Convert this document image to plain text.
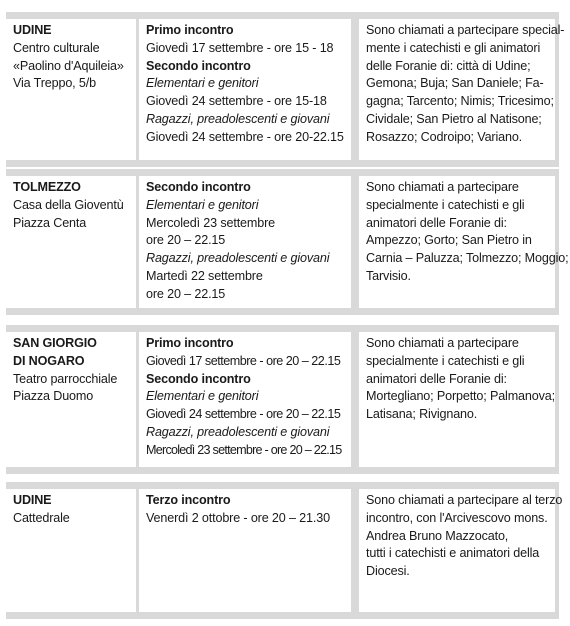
UDINE
Centro culturale
«Paolino d'Aquileia»
Via Treppo, 5/b
Primo incontro
Giovedì 17 settembre - ore 15 - 18
Secondo incontro
Elementari e genitori
Giovedì 24 settembre - ore 15-18
Ragazzi, preadolescenti e giovani
Giovedì 24 settembre - ore 20-22.15
Sono chiamati a partecipare special-
mente i catechisti e gli animatori
delle Foranie di: città di Udine;
Gemona; Buja; San Daniele; Fa-
gagna; Tarcento; Nimis; Tricesimo;
Cividale; San Pietro al Natisone;
Rosazzo; Codroipo; Variano.
TOLMEZZO
Casa della Gioventù
Piazza Centa
Secondo incontro
Elementari e genitori
Mercoledì 23 settembre
ore 20 – 22.15
Ragazzi, preadolescenti e giovani
Martedì 22 settembre
ore 20 – 22.15
Sono chiamati a partecipare
specialmente i catechisti e gli
animatori delle Foranie di:
Ampezzo; Gorto; San Pietro in
Carnia – Paluzza; Tolmezzo; Moggio;
Tarvisio.
SAN GIORGIO
DI NOGARO
Teatro parrocchiale
Piazza Duomo
Primo incontro
Giovedì 17 settembre - ore 20 – 22.15
Secondo incontro
Elementari e genitori
Giovedì 24 settembre - ore 20 – 22.15
Ragazzi, preadolescenti e giovani
Mercoledì 23 settembre - ore 20 – 22.15
Sono chiamati a partecipare
specialmente i catechisti e gli
animatori delle Foranie di:
Mortegliano; Porpetto; Palmanova;
Latisana; Rivignano.
UDINE
Cattedrale
Terzo incontro
Venerdì 2 ottobre - ore 20 – 21.30
Sono chiamati a partecipare al terzo
incontro, con l'Arcivescovo mons.
Andrea Bruno Mazzocato,
tutti i catechisti e animatori della
Diocesi.
